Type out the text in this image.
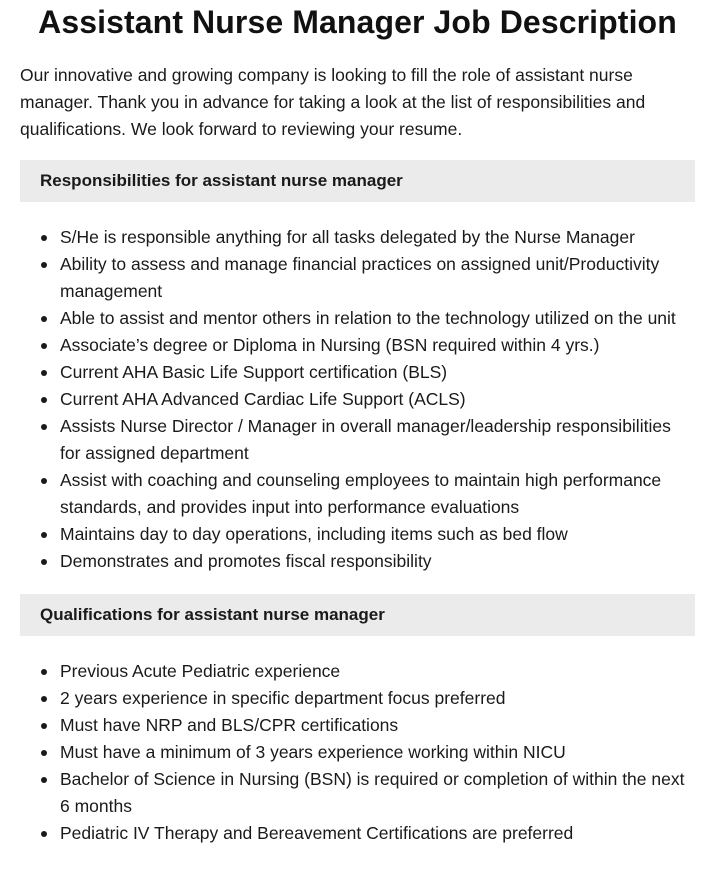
Assistant Nurse Manager Job Description

Our innovative and growing company is looking to fill the role of assistant nurse manager. Thank you in advance for taking a look at the list of responsibilities and qualifications. We look forward to reviewing your resume.

Responsibilities for assistant nurse manager
S/He is responsible anything for all tasks delegated by the Nurse Manager
Ability to assess and manage financial practices on assigned unit/Productivity management
Able to assist and mentor others in relation to the technology utilized on the unit
Associate’s degree or Diploma in Nursing (BSN required within 4 yrs.)
Current AHA Basic Life Support certification (BLS)
Current AHA Advanced Cardiac Life Support (ACLS)
Assists Nurse Director / Manager in overall manager/leadership responsibilities for assigned department
Assist with coaching and counseling employees to maintain high performance standards, and provides input into performance evaluations
Maintains day to day operations, including items such as bed flow
Demonstrates and promotes fiscal responsibility
Qualifications for assistant nurse manager
Previous Acute Pediatric experience
2 years experience in specific department focus preferred
Must have NRP and BLS/CPR certifications
Must have a minimum of 3 years experience working within NICU
Bachelor of Science in Nursing (BSN) is required or completion of within the next 6 months
Pediatric IV Therapy and Bereavement Certifications are preferred
